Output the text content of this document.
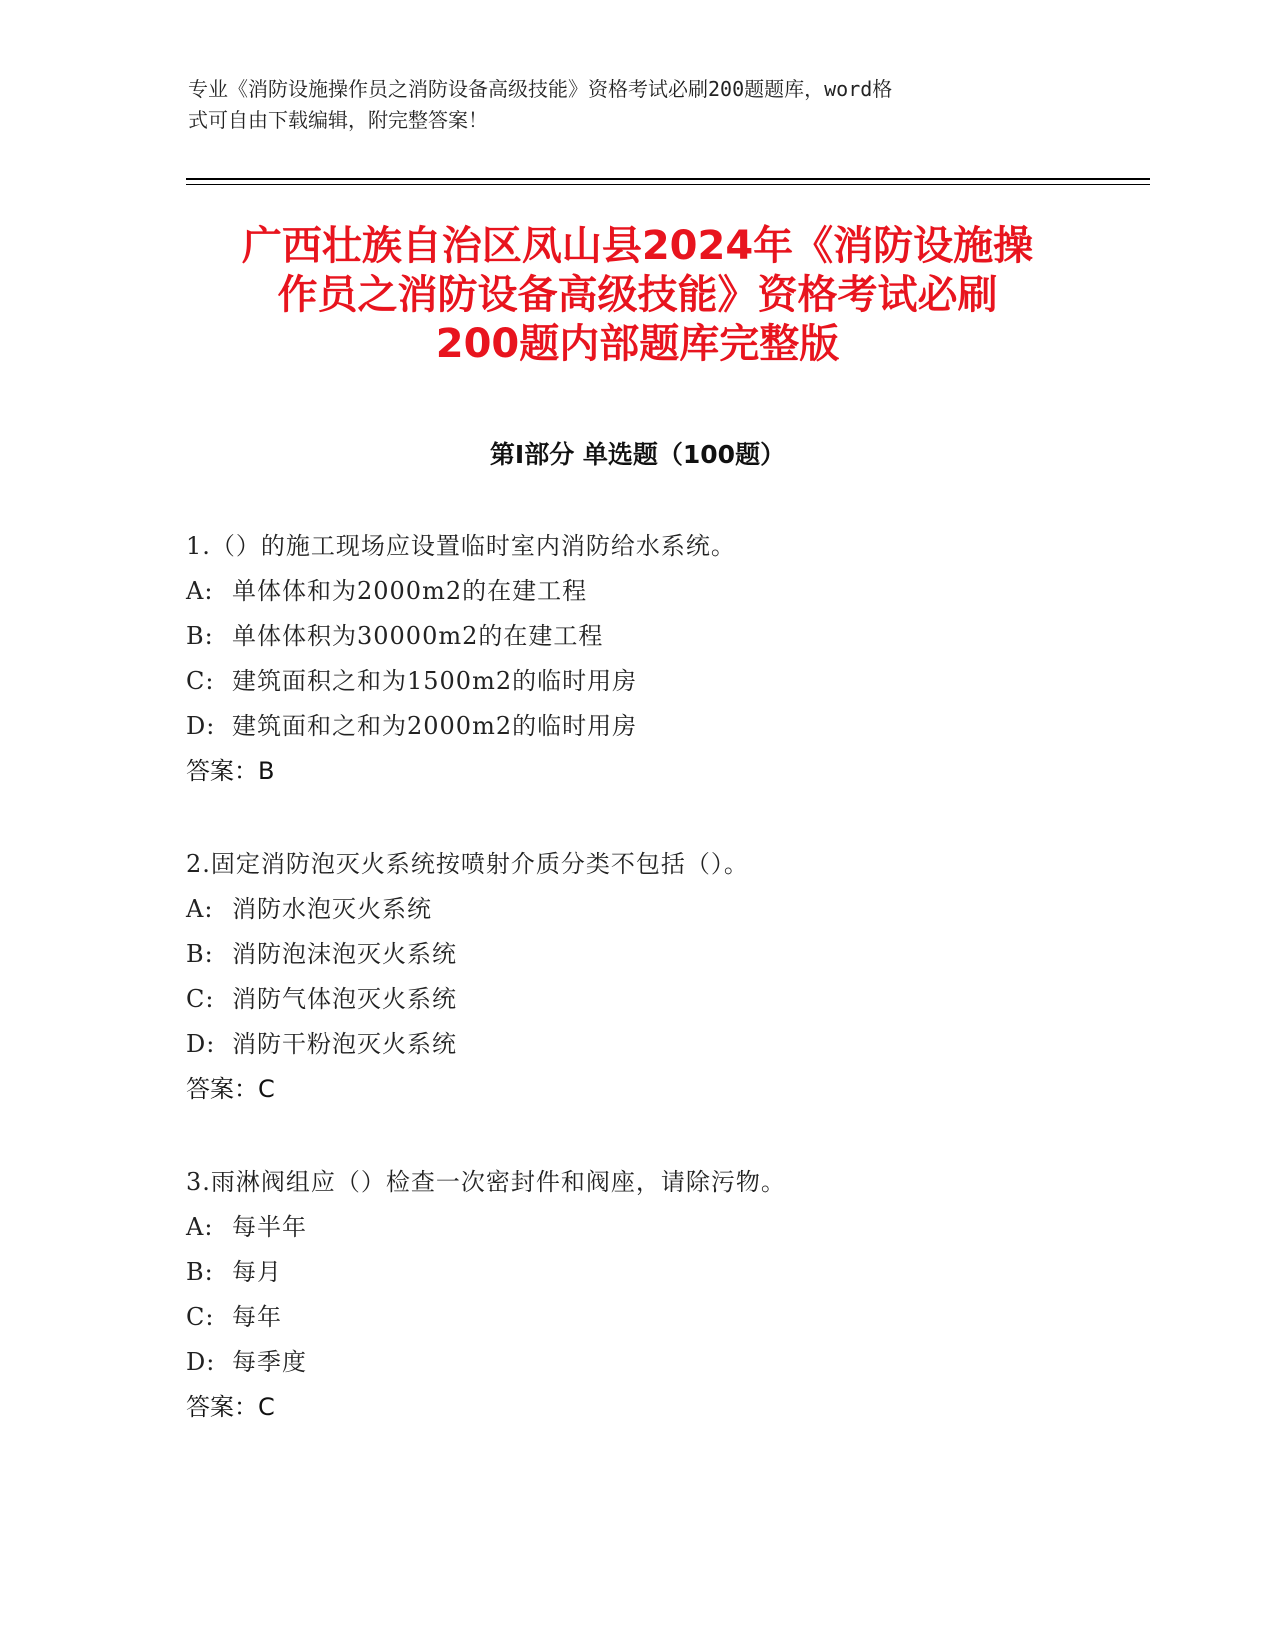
专业《消防设施操作员之消防设备高级技能》资格考试必刷200题题库，word格
式可自由下载编辑，附完整答案！
广西壮族自治区凤山县2024年《消防设施操
作员之消防设备高级技能》资格考试必刷
200题内部题库完整版
第Ⅰ部分 单选题（100题）
1.（）的施工现场应设置临时室内消防给水系统。
A: 单体体和为2000m2的在建工程
B: 单体体积为30000m2的在建工程
C: 建筑面积之和为1500m2的临时用房
D: 建筑面和之和为2000m2的临时用房
答案：B
2.固定消防泡灭火系统按喷射介质分类不包括（）。
A: 消防水泡灭火系统
B: 消防泡沫泡灭火系统
C: 消防气体泡灭火系统
D: 消防干粉泡灭火系统
答案：C
3.雨淋阀组应（）检查一次密封件和阀座，请除污物。
A: 每半年
B: 每月
C: 每年
D: 每季度
答案：C
